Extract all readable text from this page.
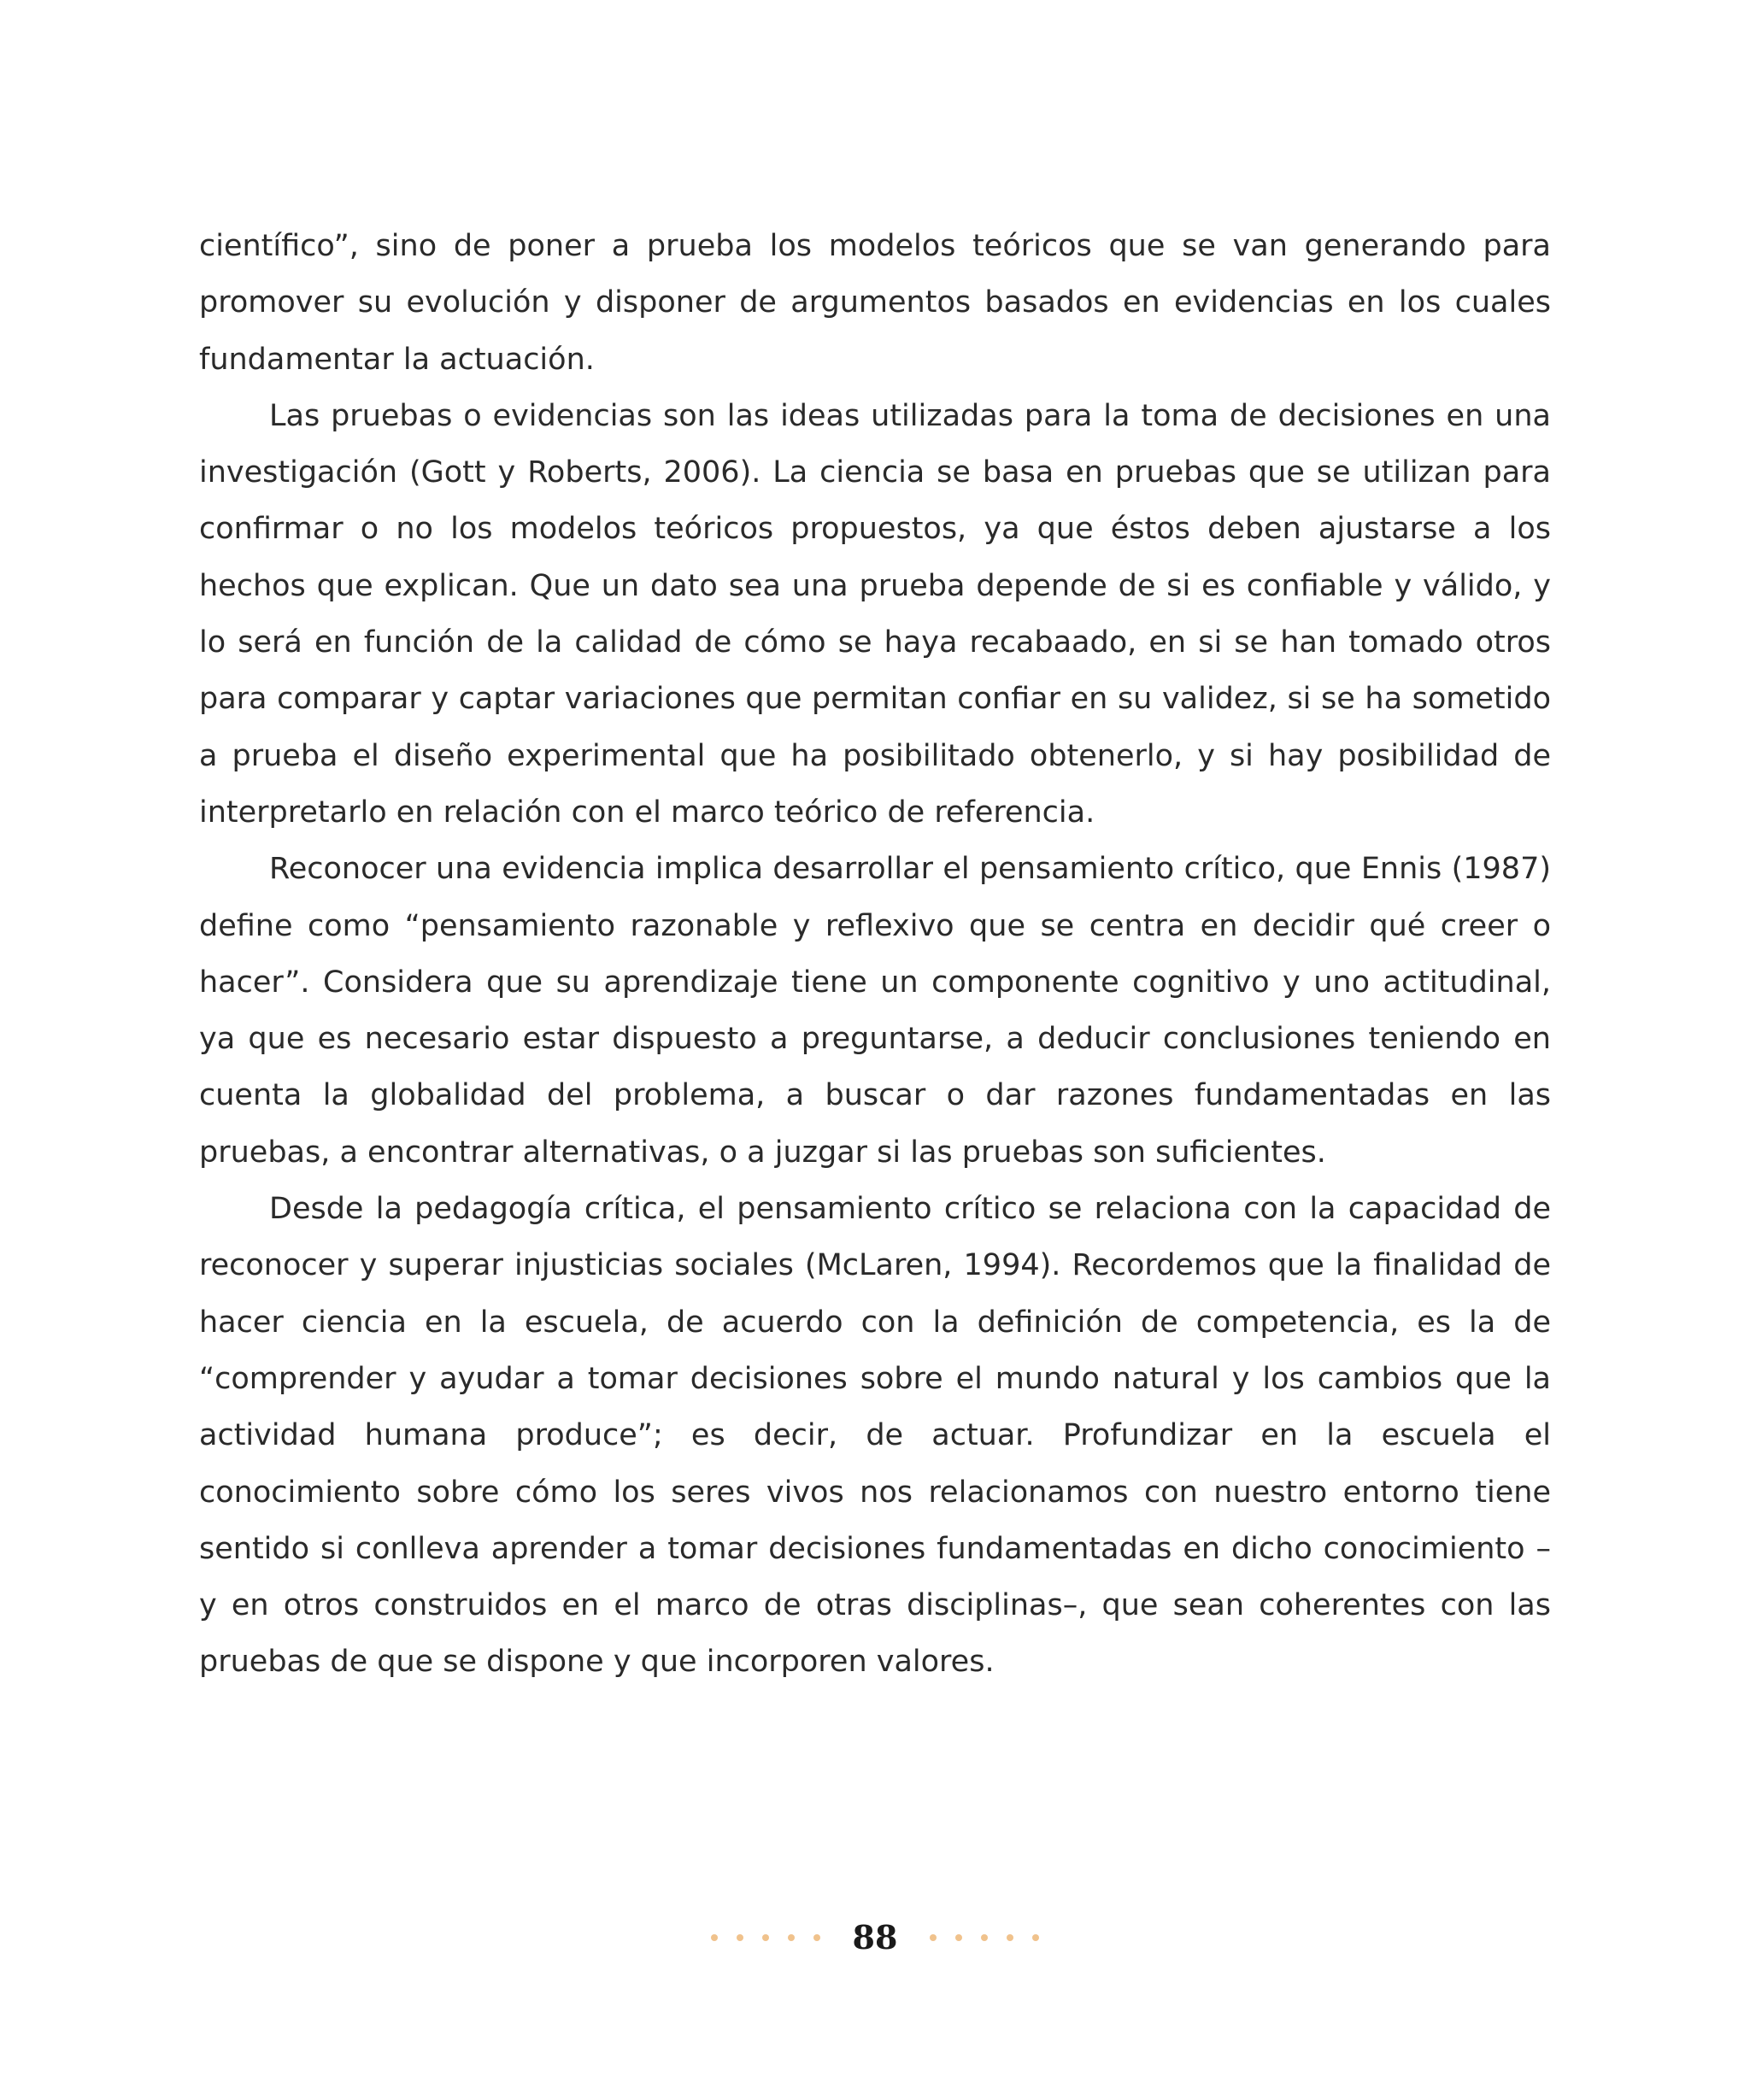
científico”, sino de poner a prueba los modelos teóricos que se van generando para promover su evolución y disponer de argumentos basados en evidencias en los cuales fundamentar la actuación.

Las pruebas o evidencias son las ideas utilizadas para la toma de decisiones en una investigación (Gott y Roberts, 2006). La ciencia se basa en pruebas que se utilizan para confirmar o no los modelos teóricos propuestos, ya que éstos deben ajustarse a los hechos que explican. Que un dato sea una prueba depende de si es confiable y válido, y lo será en función de la calidad de cómo se haya recabaado, en si se han tomado otros para comparar y captar variaciones que permitan confiar en su validez, si se ha sometido a prueba el diseño experimental que ha posibilitado obtenerlo, y si hay posibilidad de interpretarlo en relación con el marco teórico de referencia.

Reconocer una evidencia implica desarrollar el pensamiento crítico, que Ennis (1987) define como “pensamiento razonable y reflexivo que se centra en decidir qué creer o hacer”. Considera que su aprendizaje tiene un componente cognitivo y uno actitudinal, ya que es necesario estar dispuesto a preguntarse, a deducir conclusiones teniendo en cuenta la globalidad del problema, a buscar o dar razones fundamentadas en las pruebas, a encontrar alternativas, o a juzgar si las pruebas son suficientes.

Desde la pedagogía crítica, el pensamiento crítico se relaciona con la capacidad de reconocer y superar injusticias sociales (McLaren, 1994). Recordemos que la finalidad de hacer ciencia en la escuela, de acuerdo con la definición de competencia, es la de “comprender y ayudar a tomar decisiones sobre el mundo natural y los cambios que la actividad humana produce”; es decir, de actuar. Profundizar en la escuela el conocimiento sobre cómo los seres vivos nos relacionamos con nuestro entorno tiene sentido si conlleva aprender a tomar decisiones fundamentadas en dicho conocimiento –y en otros construidos en el marco de otras disciplinas–, que sean coherentes con las pruebas de que se dispone y que incorporen valores.

88
